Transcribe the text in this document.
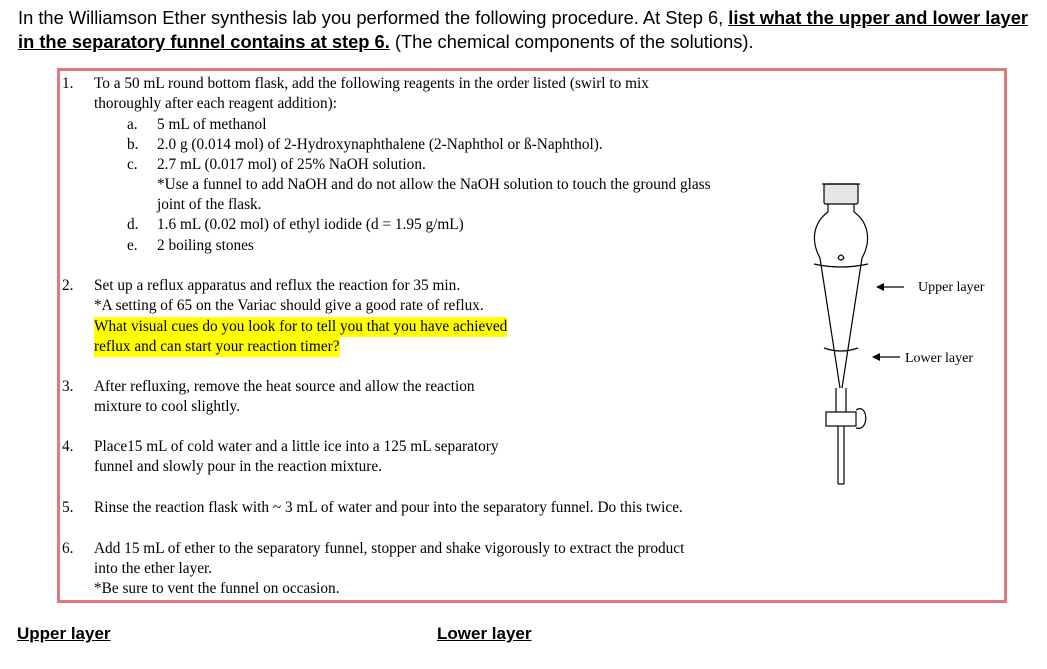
In the Williamson Ether synthesis lab you performed the following procedure. At Step 6, list what the upper and lower layer in the separatory funnel contains at step 6. (The chemical components of the solutions).
1. To a 50 mL round bottom flask, add the following reagents in the order listed (swirl to mix
thoroughly after each reagent addition):
a. 5 mL of methanol
b. 2.0 g (0.014 mol) of 2-Hydroxynaphthalene (2-Naphthol or ß-Naphthol).
c. 2.7 mL (0.017 mol) of 25% NaOH solution.
*Use a funnel to add NaOH and do not allow the NaOH solution to touch the ground glass
joint of the flask.
d. 1.6 mL (0.02 mol) of ethyl iodide (d = 1.95 g/mL)
e. 2 boiling stones
2. Set up a reflux apparatus and reflux the reaction for 35 min.
*A setting of 65 on the Variac should give a good rate of reflux.
What visual cues do you look for to tell you that you have achieved
reflux and can start your reaction timer?
3. After refluxing, remove the heat source and allow the reaction
mixture to cool slightly.
4. Place15 mL of cold water and a little ice into a 125 mL separatory
funnel and slowly pour in the reaction mixture.
5. Rinse the reaction flask with ~ 3 mL of water and pour into the separatory funnel. Do this twice.
6. Add 15 mL of ether to the separatory funnel, stopper and shake vigorously to extract the product
into the ether layer.
*Be sure to vent the funnel on occasion.
Upper layer
Lower layer
Upper layer	Lower layer
